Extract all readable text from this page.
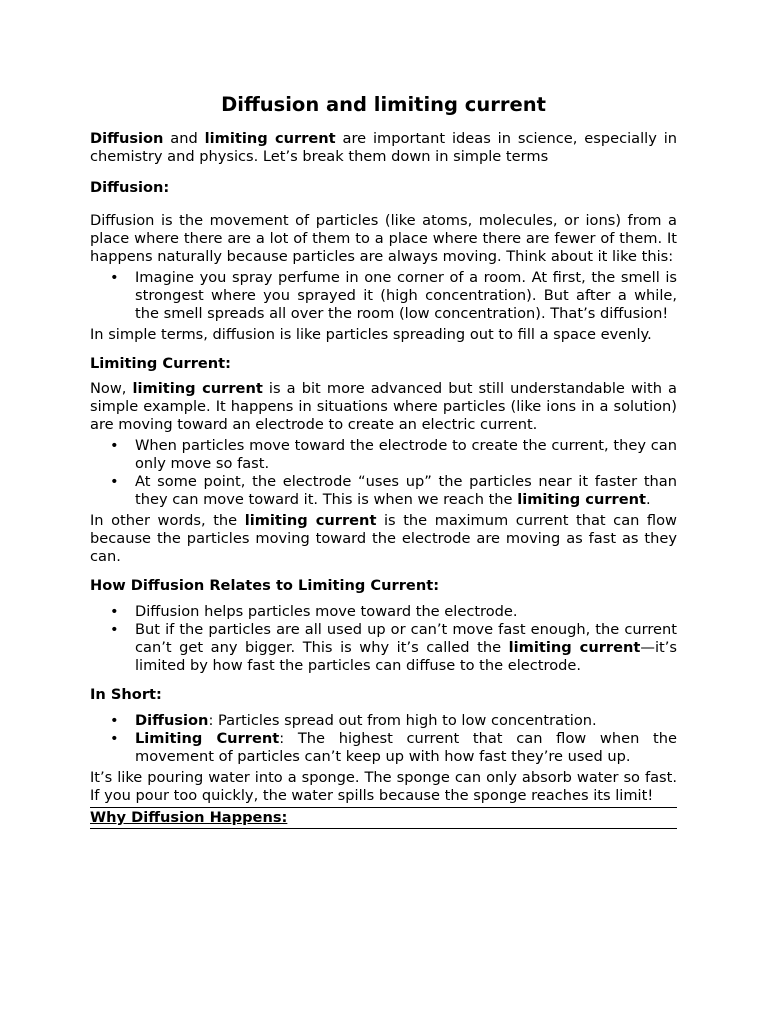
Diffusion and limiting current

Diffusion and limiting current are important ideas in science, especially in chemistry and physics. Let’s break them down in simple terms

Diffusion:

Diffusion is the movement of particles (like atoms, molecules, or ions) from a place where there are a lot of them to a place where there are fewer of them. It happens naturally because particles are always moving. Think about it like this:

• Imagine you spray perfume in one corner of a room. At first, the smell is strongest where you sprayed it (high concentration). But after a while, the smell spreads all over the room (low concentration). That’s diffusion!

In simple terms, diffusion is like particles spreading out to fill a space evenly.

Limiting Current:

Now, limiting current is a bit more advanced but still understandable with a simple example. It happens in situations where particles (like ions in a solution) are moving toward an electrode to create an electric current.

• When particles move toward the electrode to create the current, they can only move so fast.
• At some point, the electrode “uses up” the particles near it faster than they can move toward it. This is when we reach the limiting current.

In other words, the limiting current is the maximum current that can flow because the particles moving toward the electrode are moving as fast as they can.

How Diffusion Relates to Limiting Current:

• Diffusion helps particles move toward the electrode.
• But if the particles are all used up or can’t move fast enough, the current can’t get any bigger. This is why it’s called the limiting current—it’s limited by how fast the particles can diffuse to the electrode.

In Short:

• Diffusion: Particles spread out from high to low concentration.
• Limiting Current: The highest current that can flow when the movement of particles can’t keep up with how fast they’re used up.

It’s like pouring water into a sponge. The sponge can only absorb water so fast. If you pour too quickly, the water spills because the sponge reaches its limit!

Why Diffusion Happens:
